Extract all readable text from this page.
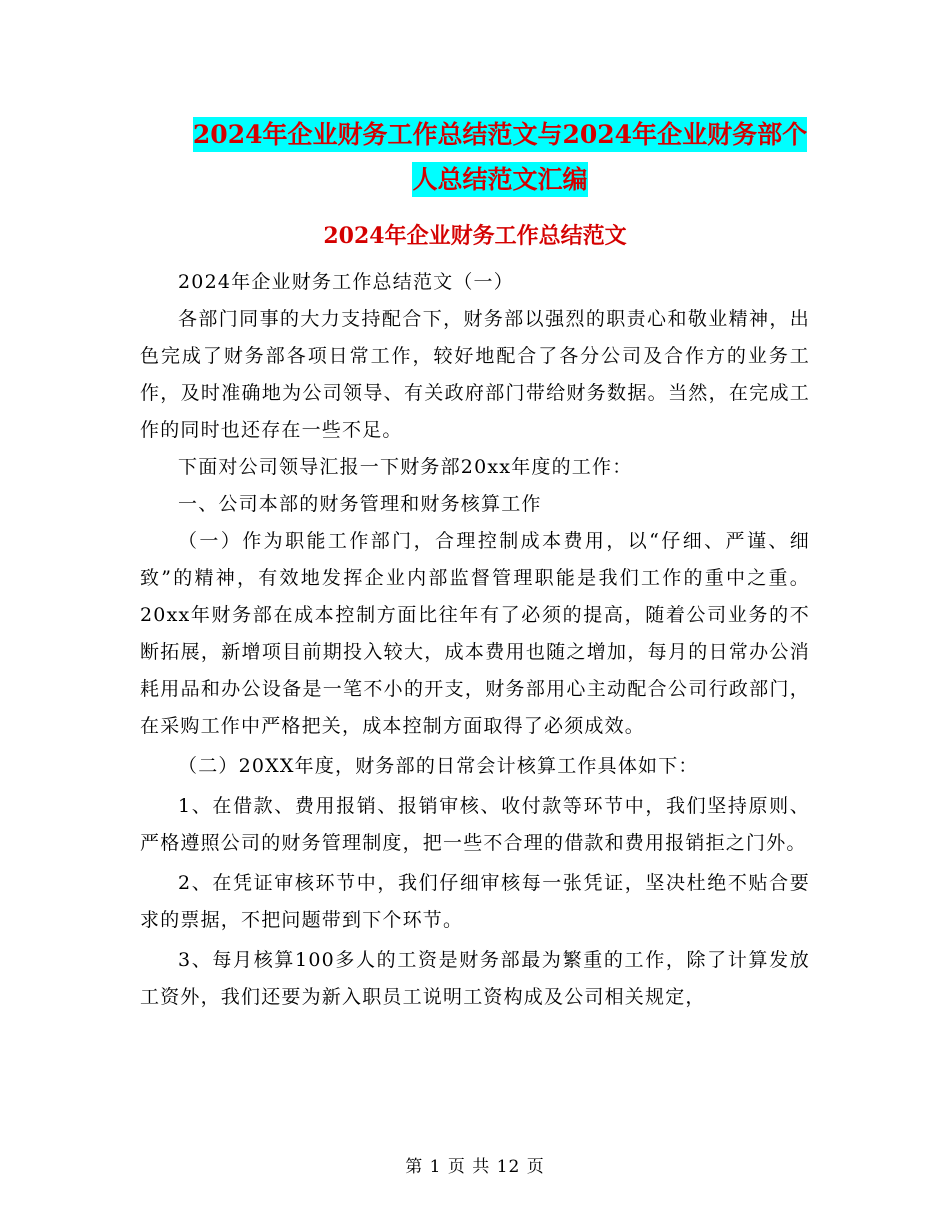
2024年企业财务工作总结范文与2024年企业财务部个
人总结范文汇编
2024年企业财务工作总结范文

2024年企业财务工作总结范文（一）

各部门同事的大力支持配合下，财务部以强烈的职责心和敬业精神，出色完成了财务部各项日常工作，较好地配合了各分公司及合作方的业务工作，及时准确地为公司领导、有关政府部门带给财务数据。当然，在完成工作的同时也还存在一些不足。

下面对公司领导汇报一下财务部20xx年度的工作：

一、公司本部的财务管理和财务核算工作

（一）作为职能工作部门，合理控制成本费用，以“仔细、严谨、细致”的精神，有效地发挥企业内部监督管理职能是我们工作的重中之重。20xx年财务部在成本控制方面比往年有了必须的提高，随着公司业务的不断拓展，新增项目前期投入较大，成本费用也随之增加，每月的日常办公消耗用品和办公设备是一笔不小的开支，财务部用心主动配合公司行政部门，在采购工作中严格把关，成本控制方面取得了必须成效。

（二）20XX年度，财务部的日常会计核算工作具体如下：

1、在借款、费用报销、报销审核、收付款等环节中，我们坚持原则、严格遵照公司的财务管理制度，把一些不合理的借款和费用报销拒之门外。

2、在凭证审核环节中，我们仔细审核每一张凭证，坚决杜绝不贴合要求的票据，不把问题带到下个环节。

3、每月核算100多人的工资是财务部最为繁重的工作，除了计算发放工资外，我们还要为新入职员工说明工资构成及公司相关规定，

第 1 页 共 12 页
